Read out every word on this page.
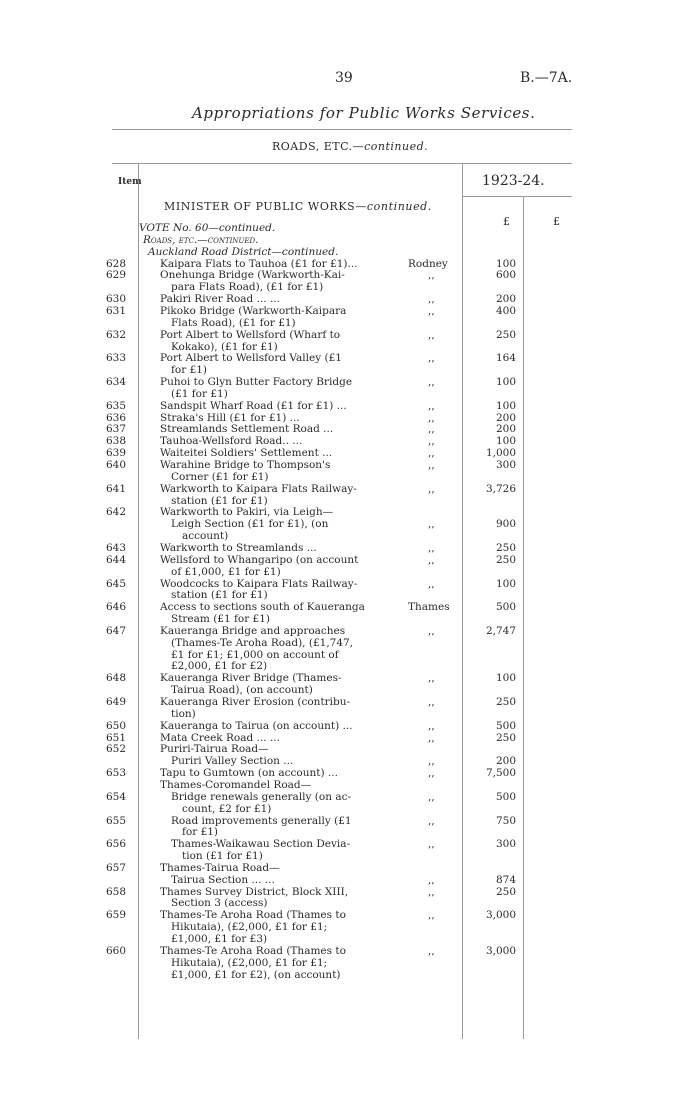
39	B.—7A.
Appropriations for Public Works Services.
ROADS, ETC.—continued.
Item	1923-24.
MINISTER OF PUBLIC WORKS—continued.
£	£
VOTE No. 60—continued.
Roads, etc.—continued.
Auckland Road District—continued.
628	Kaipara Flats to Tauhoa (£1 for £1)...	Rodney	100
629	Onehunga Bridge (Warkworth-Kai-	,,	600
para Flats Road), (£1 for £1)
630	Pakiri River Road ... ...	,,	200
631	Pikoko Bridge (Warkworth-Kaipara	,,	400
Flats Road), (£1 for £1)
632	Port Albert to Wellsford (Wharf to	,,	250
Kokako), (£1 for £1)
633	Port Albert to Wellsford Valley (£1	,,	164
for £1)
634	Puhoi to Glyn Butter Factory Bridge	,,	100
(£1 for £1)
635	Sandspit Wharf Road (£1 for £1) ...	,,	100
636	Straka's Hill (£1 for £1) ...	,,	200
637	Streamlands Settlement Road ...	,,	200
638	Tauhoa-Wellsford Road.. ...	,,	100
639	Waiteitei Soldiers' Settlement ...	,,	1,000
640	Warahine Bridge to Thompson's	,,	300
Corner (£1 for £1)
641	Warkworth to Kaipara Flats Railway-	,,	3,726
station (£1 for £1)
642	Warkworth to Pakiri, via Leigh—
Leigh Section (£1 for £1), (on	,,	900
account)
643	Warkworth to Streamlands ...	,,	250
644	Wellsford to Whangaripo (on account	,,	250
of £1,000, £1 for £1)
645	Woodcocks to Kaipara Flats Railway-	,,	100
station (£1 for £1)
646	Access to sections south of Kaueranga	Thames	500
Stream (£1 for £1)
647	Kaueranga Bridge and approaches	,,	2,747
(Thames-Te Aroha Road), (£1,747,
£1 for £1; £1,000 on account of
£2,000, £1 for £2)
648	Kaueranga River Bridge (Thames-	,,	100
Tairua Road), (on account)
649	Kaueranga River Erosion (contribu-	,,	250
tion)
650	Kaueranga to Tairua (on account) ...	,,	500
651	Mata Creek Road ... ...	,,	250
652	Puriri-Tairua Road—
Puriri Valley Section ...	,,	200
653	Tapu to Gumtown (on account) ...	,,	7,500
Thames-Coromandel Road—
654	Bridge renewals generally (on ac-	,,	500
count, £2 for £1)
655	Road improvements generally (£1	,,	750
for £1)
656	Thames-Waikawau Section Devia-	,,	300
tion (£1 for £1)
657	Thames-Tairua Road—
Tairua Section ... ...	,,	874
658	Thames Survey District, Block XIII,	,,	250
Section 3 (access)
659	Thames-Te Aroha Road (Thames to	,,	3,000
Hikutaia), (£2,000, £1 for £1;
£1,000, £1 for £3)
660	Thames-Te Aroha Road (Thames to	,,	3,000
Hikutaia), (£2,000, £1 for £1;
£1,000, £1 for £2), (on account)
